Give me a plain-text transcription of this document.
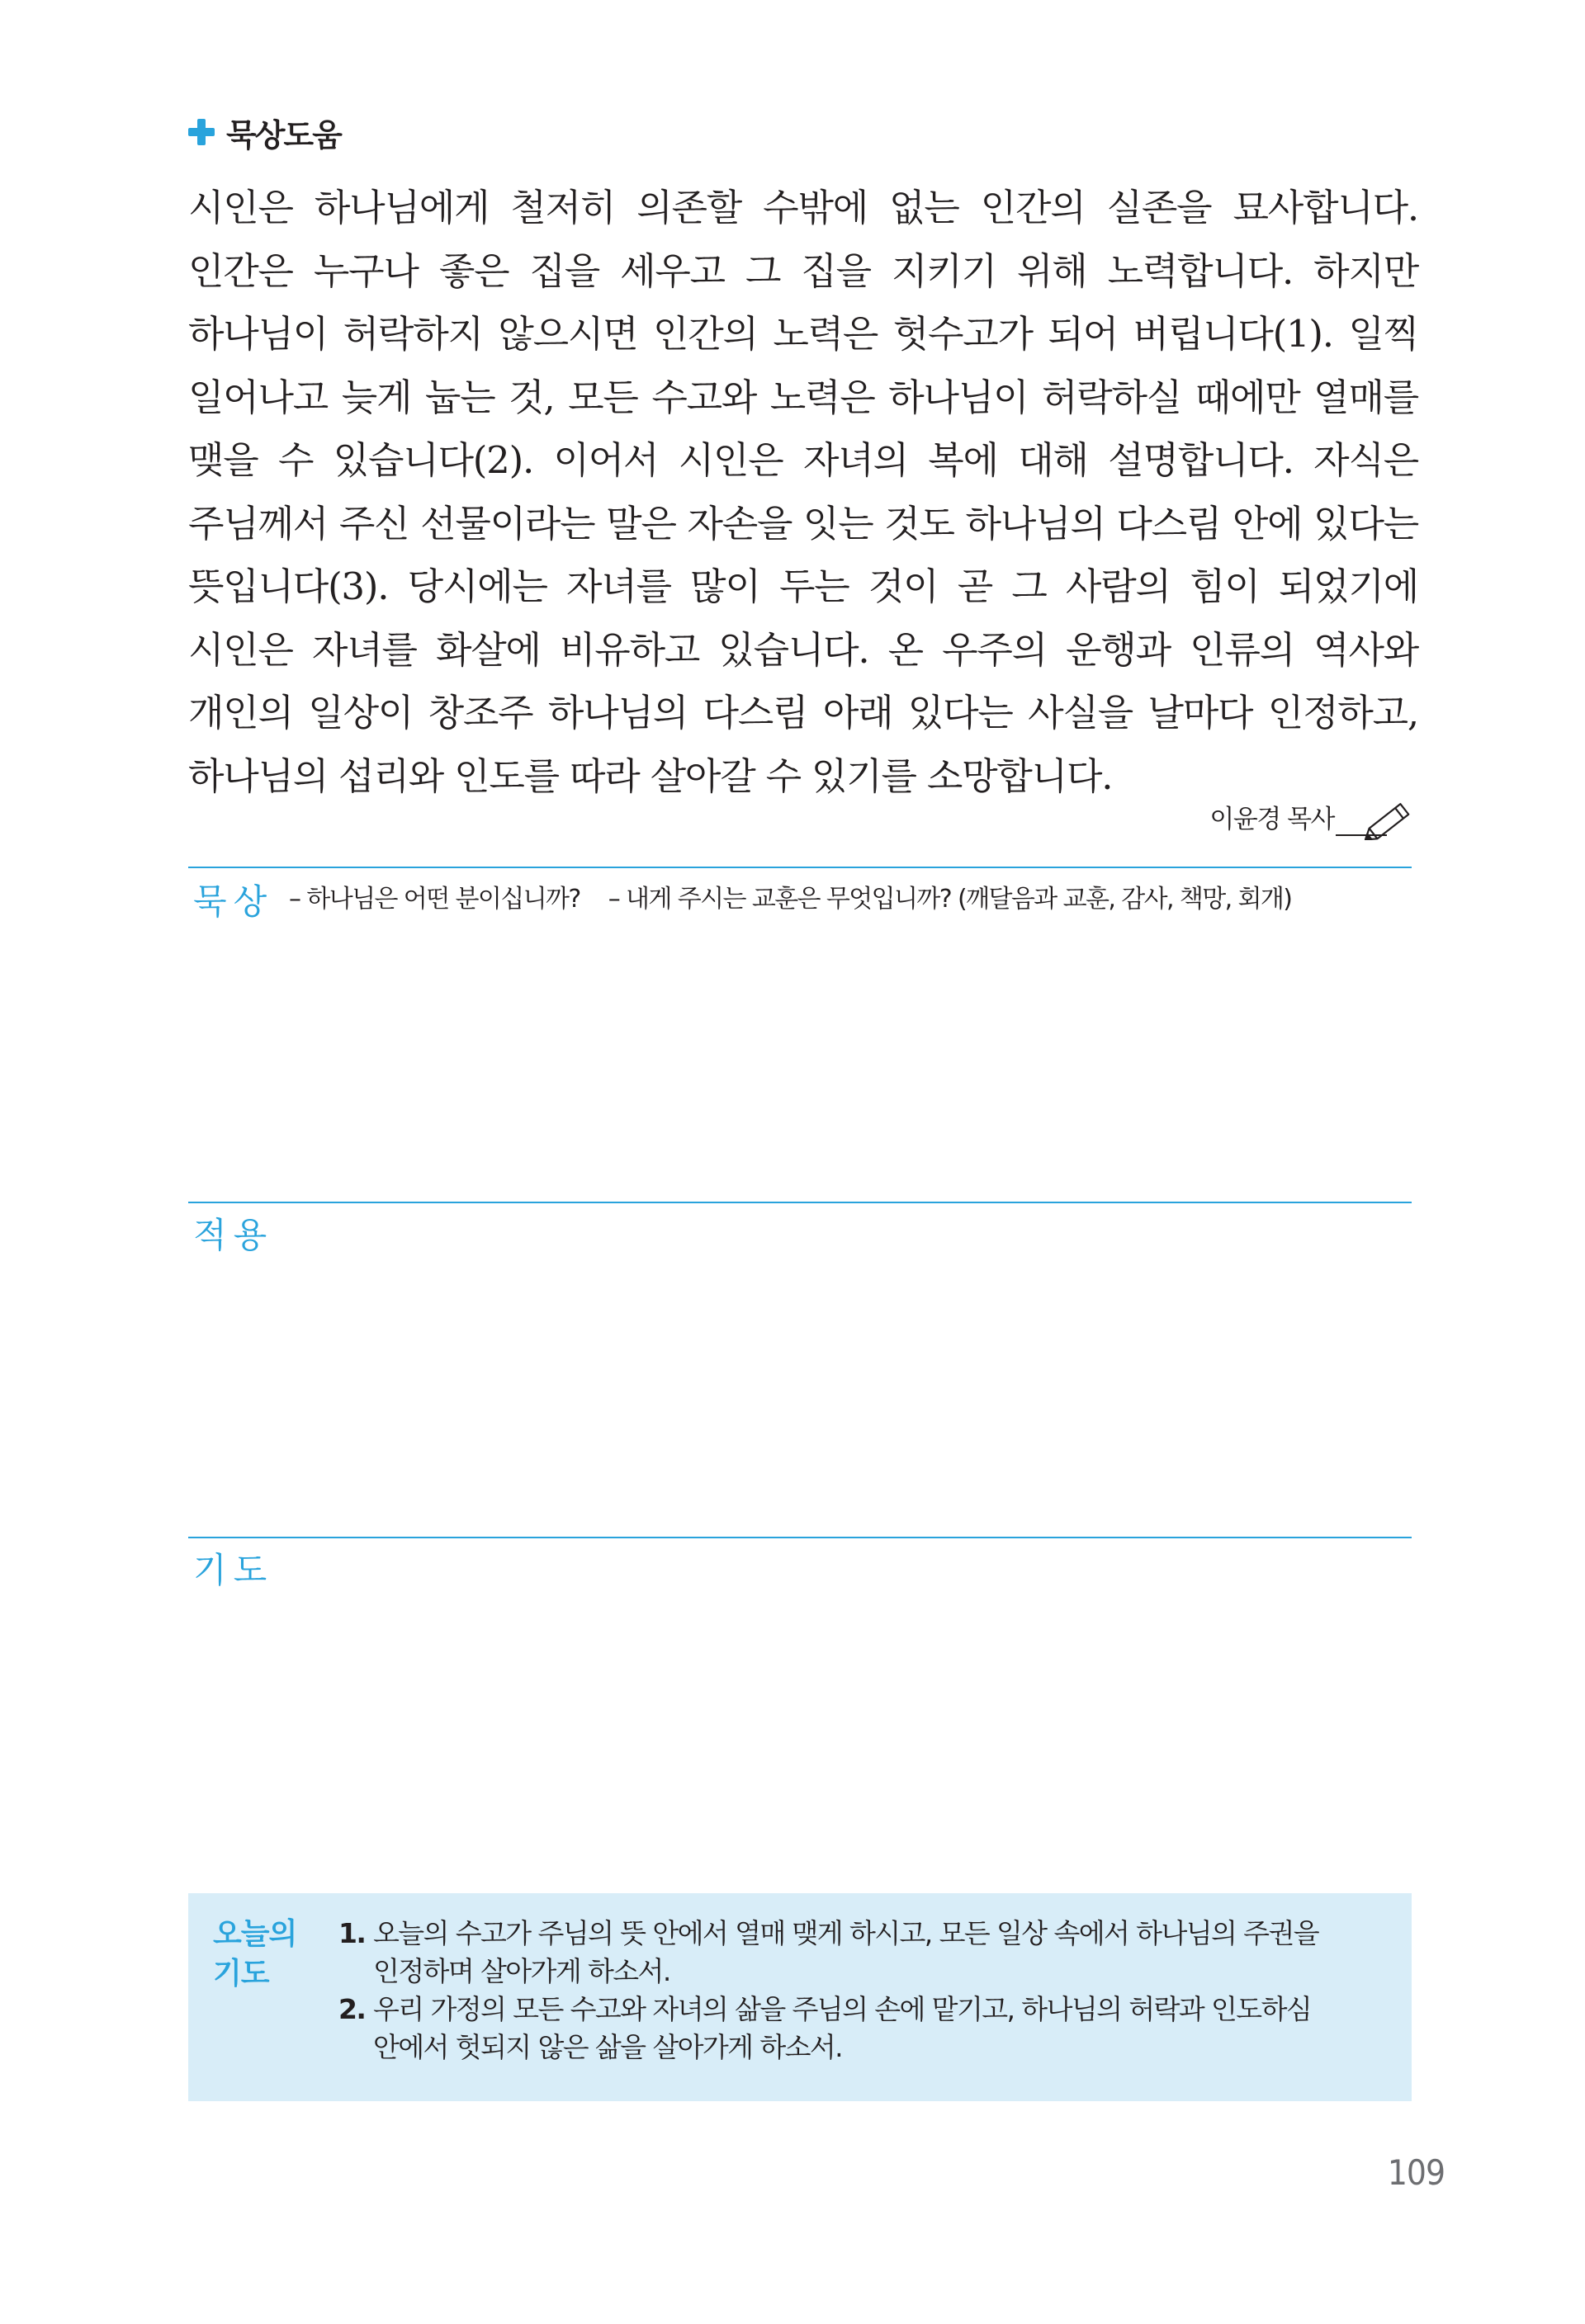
묵상도움

시인은 하나님에게 철저히 의존할 수밖에 없는 인간의 실존을 묘사합니다. 인간은 누구나 좋은 집을 세우고 그 집을 지키기 위해 노력합니다. 하지만 하나님이 허락하지 않으시면 인간의 노력은 헛수고가 되어 버립니다(1). 일찍 일어나고 늦게 눕는 것, 모든 수고와 노력은 하나님이 허락하실 때에만 열매를 맺을 수 있습니다(2). 이어서 시인은 자녀의 복에 대해 설명합니다. 자식은 주님께서 주신 선물이라는 말은 자손을 잇는 것도 하나님의 다스림 안에 있다는 뜻입니다(3). 당시에는 자녀를 많이 두는 것이 곧 그 사람의 힘이 되었기에 시인은 자녀를 화살에 비유하고 있습니다. 온 우주의 운행과 인류의 역사와 개인의 일상이 창조주 하나님의 다스림 아래 있다는 사실을 날마다 인정하고, 하나님의 섭리와 인도를 따라 살아갈 수 있기를 소망합니다.

이윤경 목사
묵상 – 하나님은 어떤 분이십니까? – 내게 주시는 교훈은 무엇입니까? (깨달음과 교훈, 감사, 책망, 회개)
적용
기도
오늘의
기도
1. 오늘의 수고가 주님의 뜻 안에서 열매 맺게 하시고, 모든 일상 속에서 하나님의 주권을 인정하며 살아가게 하소서.
2. 우리 가정의 모든 수고와 자녀의 삶을 주님의 손에 맡기고, 하나님의 허락과 인도하심 안에서 헛되지 않은 삶을 살아가게 하소서.
109
